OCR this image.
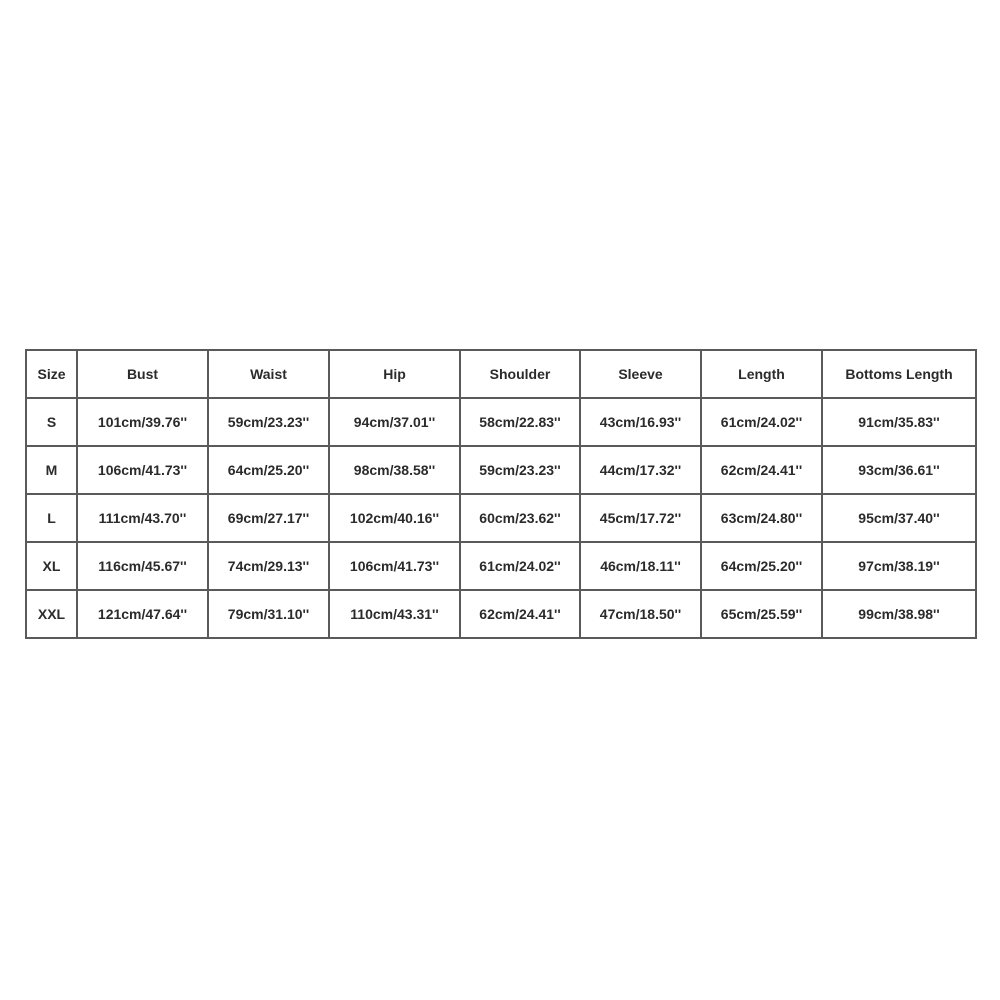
Size	Bust	Waist	Hip	Shoulder	Sleeve	Length	Bottoms Length
S	101cm/39.76''	59cm/23.23''	94cm/37.01''	58cm/22.83''	43cm/16.93''	61cm/24.02''	91cm/35.83''
M	106cm/41.73''	64cm/25.20''	98cm/38.58''	59cm/23.23''	44cm/17.32''	62cm/24.41''	93cm/36.61''
L	111cm/43.70''	69cm/27.17''	102cm/40.16''	60cm/23.62''	45cm/17.72''	63cm/24.80''	95cm/37.40''
XL	116cm/45.67''	74cm/29.13''	106cm/41.73''	61cm/24.02''	46cm/18.11''	64cm/25.20''	97cm/38.19''
XXL	121cm/47.64''	79cm/31.10''	110cm/43.31''	62cm/24.41''	47cm/18.50''	65cm/25.59''	99cm/38.98''
